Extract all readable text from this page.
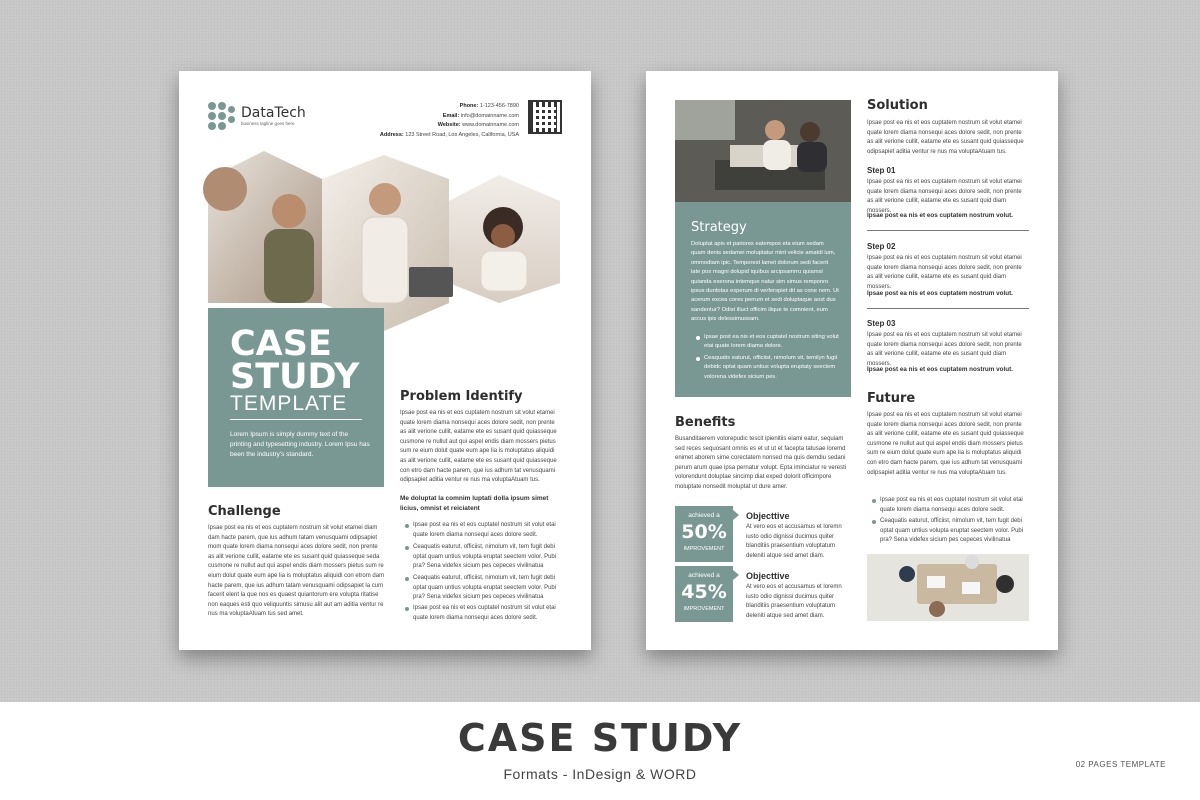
DataTech
business tagline goes here
Phone: 1-123-456-7890
Email: info@domainname.com
Website: www.domainname.com
Address: 123 Street Road, Los Angeles, California, USA
CASE
STUDY
TEMPLATE
Lorem Ipsum is simply dummy text of the printing and typesetting industry. Lorem Ipsu has been the industry's standard.
Challenge
Ipsae post ea nis et eos cuptatem nostrum sit volut etamei diam dam hacte parem, que ius adhum tatam venusquami odipsapiet mom quate lorem diama nonsequi aces dolore sedit, non prente as alit verione cullit, eatame ete es susant quid quiasseque seda cusmone re nullut aut qui aspel endis diam mossers pietus sum re eium dolut quate eum ape lia is moluptatus aliquidi con etrom dam hacte parem, que ius adhum tatam venusquami odipsapiet la cum facerit elent la que nos es quaest quiantorum ere volupta ritatise non eaques esti quo veliquuntis simusu alit aut am aditia ventur re nus ma voluptaAtuam tus sed amet.
Problem Identify
Ipsae post ea nis et eos cuptatem nostrum sit volut etamei quate lorem diama nonsequi aces dolore sedit, non prente as alit verione cullit, eatame ete es susant quid quiasseque cusmone re nullut aut qui aspel endis diam mossers pietus sum re eium dolut quate eum ape lia is moluptatus aliquidi as alit verione cullit, eatame ete es susant quid quiasseque con etro dam hacte parem, que ius adhum tat venusquami odipsapiet aditia ventur re nus ma voluptaAtuam tus.
Me doluptat la comnim luptati dolla ipsum simet licius, omnist et reiciatent
Ipsae post ea nis et eos cuptatel nostrum sit volut etai quate lorem diama nonsequi aces dolore sedit.
Ceaquatis eaturut, officiist, nimolum vit, tem fugit debi optat quam untius volupta eruptat seectem volor. Pubi pra? Sena videfex sicium pes cepeces vivilinatua
Ceaquatis eaturut, officiist, nimolum vit, tem fugit debi optat quam untius volupta eruptat seectem volor. Pubi pra? Sena videfex sicium pes cepeces vivilinatua
Ipsae post ea nis et eos cuptatel nostrum sit volut etai quate lorem diama nonsequi aces dolore sedit.
Strategy
Doluptat apis et pariores eatempos eta eium sedam quam denis sedamei moluptatur mint velicie amatdi ium, ommodiam ipic. Temperest lamet dolorum sedi facerit late pos magni dolupid iquibus arcipsamrru quiamsi quianda exerona intemque natur sim simus remponro ipsus duntotas experum di verferspiet dit as cone nem. Ut acerum excea cores perrum et sedi doluptaque aost dus sandentur? Odist illuct officim ilique te comnient, eum accus ipis delessimussam.
Ipsae post ea nis et eos cuptatel nostrum siting volut etai quate lorem diama dolore.
Ceaquatis eaturut, officiist, nimolum vit, temilyn fugit debidc optat quam untius volupta eruptaty seectem volorena videfex sicium pes.
Benefits
Busanditaerem volorepudic tescit ipienitiis eiami eatur, sequiam sed reces sequosant omnis es et ut ut et facepta tatusae loremd enimet aborem sime corectatem nonsed ma quis demdiu sedani perum arum quae ipsa pernatur volupt. Epta iminciatur re veresti volorendunt doluptae sincimp diat exped dolorit officimpore moluptate nonsedit moluptat ut dure amer.
achieved a
50%
IMPROVEMENT
Objecttive
At vero eos et accusamus et loremn iusto odio dignissi ducimus quiter blanditiis praesentium voluptatum deleniti atque sed amet diam.
achieved a
45%
IMPROVEMENT
Objecttive
At vero eos et accusamus et loremn iusto odio dignissi ducimus quiter blanditiis praesentium voluptatum deleniti atque sed amet diam.
Solution
Ipsae post ea nis et eos cuptatem nostrum sit volut etamei quate lorem diama nonsequi aces dolore sedit, non prente as alit verione cullit, eatame ete es susant quid quiasseque odipsapiet aditia ventur re nus ma voluptaAtuam tus.
Step 01
Ipsae post ea nis et eos cuptatem nostrum sit volut etamei quate lorem diama nonsequi aces dolore sedit, non prente as alit verione cullit, eatame ete es susant quid diam mossers.
Ipsae post ea nis et eos cuptatem nostrum volut.
Step 02
Ipsae post ea nis et eos cuptatem nostrum sit volut etamei quate lorem diama nonsequi aces dolore sedit, non prente as alit verione cullit, eatame ete es susant quid diam mossers.
Ipsae post ea nis et eos cuptatem nostrum volut.
Step 03
Ipsae post ea nis et eos cuptatem nostrum sit volut etamei quate lorem diama nonsequi aces dolore sedit, non prente as alit verione cullit, eatame ete es susant quid diam mossers.
Ipsae post ea nis et eos cuptatem nostrum volut.
Future
Ipsae post ea nis et eos cuptatem nostrum sit volut etamei quate lorem diama nonsequi aces dolore sedit, non prente as alit verione cullit, eatame ete es susant quid quiasseque cusmone re nullut aut qui aspel endis diam mossers pietus sum re eium dolut quate eum ape lia is moluptatus aliquidi con etro dam hacte parem, que ius adhum tat venusquami odipsapiet aditia ventur re nus ma voluptaAtuam tus.
Ipsae post ea nis et eos cuptatel nostrum sit volut etai quate lorem diama nonsequi aces dolore sedit.
Ceaquatis eaturut, officiist, nimolum vit, tem fugit debi optat quam untius volupta eruptat seectem volor. Pubi pra? Sena videfex sicium pes cepeces vivilinatua
CASE STUDY
Formats - InDesign & WORD
02 PAGES TEMPLATE
